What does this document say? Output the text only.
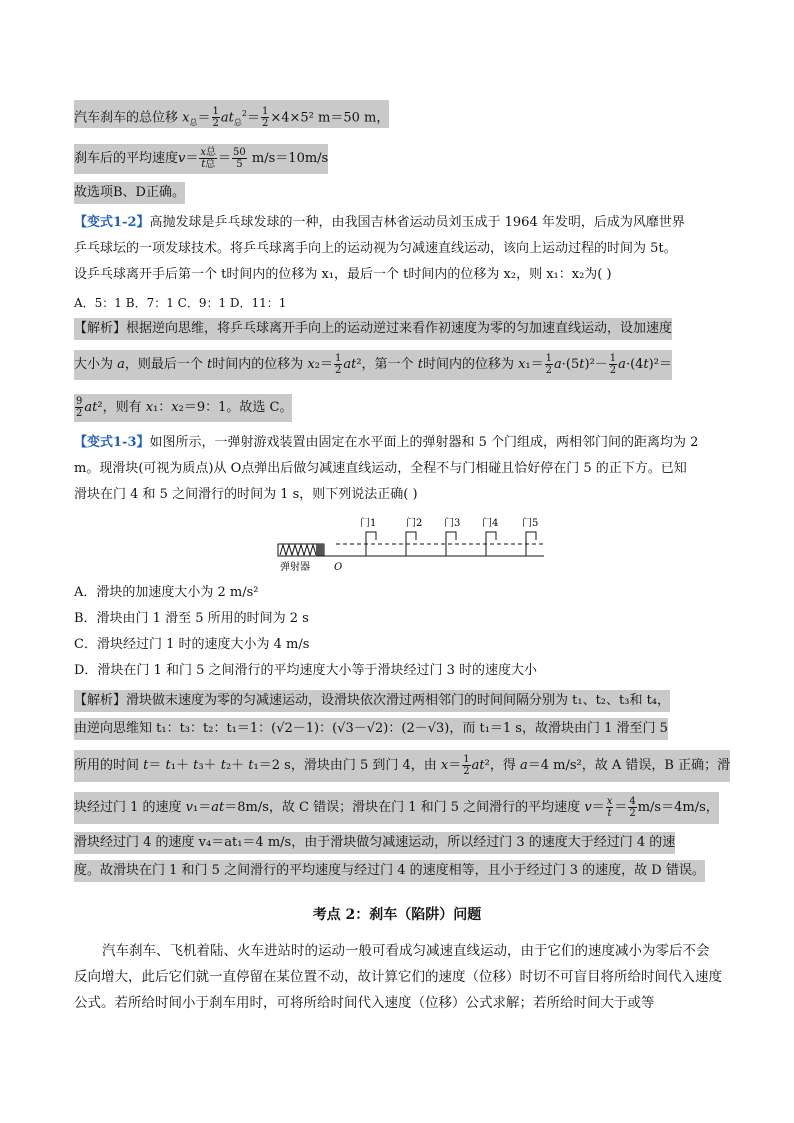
汽车刹车的总位移 $x_总= \frac{1}{2} at_总^2= \frac{1}{2} \times 4\times 5^2$ m＝50 m，
刹车后的平均速度$v= \frac{\text{x总}}{\text{t总}} = \frac{50}{5} m/s=10m/s$
故选项B、D正确。
【变式1-2】高抛发球是乒乓球发球的一种，由我国吉林省运动员刘玉成于 1964 年发明，后成为风靡世界
乒乓球坛的一项发球技术。将乒乓球离手向上的运动视为匀减速直线运动，该向上运动过程的时间为 5t。
设乒乓球离开手后第一个 t时间内的位移为 x₁，最后一个 t时间内的位移为 x₂，则 x₁：x₂为( )
A．5：1 B．7：1 C．9：1 D．11：1
【解析】根据逆向思维，将乒乓球离开手向上的运动逆过来看作初速度为零的匀加速直线运动，设加速度
大小为 a，则最后一个 t时间内的位移为 $x_2= \frac{1}{2} at^2$，第一个 t时间内的位移为 $x_1= \frac{1}{2} a\cdot(5t)^2- \frac{1}{2} a\cdot(4t)^2=$
$\frac{9}{2} at^2$，则有 x₁：x₂＝9：1。故选 C。
【变式1-3】如图所示，一弹射游戏装置由固定在水平面上的弹射器和 5 个门组成，两相邻门间的距离均为 2
m。现滑块(可视为质点)从 O点弹出后做匀减速直线运动，全程不与门相碰且恰好停在门 5 的正下方。已知
滑块在门 4 和 5 之间滑行的时间为 1 s，则下列说法正确( )
门1	门2 门3 门4 门5
弹射器 O
A．滑块的加速度大小为 2 m/s²
B．滑块由门 1 滑至 5 所用的时间为 2 s
C．滑块经过门 1 时的速度大小为 4 m/s
D．滑块在门 1 和门 5 之间滑行的平均速度大小等于滑块经过门 3 时的速度大小
【解析】滑块做末速度为零的匀减速运动，设滑块依次滑过两相邻门的时间间隔分别为 t₁、t₂、t₃和 t₄，
由逆向思维知 t₁：t₃：t₂：t₁＝1：(√2－1)：(√3－√2)：(2－√3)，而 t₁＝1 s，故滑块由门 1 滑至门 5
所用的时间 t＝ t₁＋ t₃＋ t₂＋ t₁＝2 s，滑块由门 5 到门 4，由 $x= \frac{1}{2} at^2$，得 a＝4 m/s²，故 A 错误，B 正确；滑
块经过门 1 的速度 v₁＝at＝8m/s，故 C 错误；滑块在门 1 和门 5 之间滑行的平均速度 $v= \frac{x}{t} = \frac{4}{2} m/s=4m/s$，
滑块经过门 4 的速度 v₄＝at₁＝4 m/s，由于滑块做匀减速运动，所以经过门 3 的速度大于经过门 4 的速
度。故滑块在门 1 和门 5 之间滑行的平均速度与经过门 4 的速度相等，且小于经过门 3 的速度，故 D 错误。
考点 2：刹车（陷阱）问题
汽车刹车、飞机着陆、火车进站时的运动一般可看成匀减速直线运动，由于它们的速度减小为零后不会反向增大，此后它们就一直停留在某位置不动，故计算它们的速度（位移）时切不可盲目将所给时间代入速度公式。若所给时间小于刹车用时，可将所给时间代入速度（位移）公式求解；若所给时间大于或等
